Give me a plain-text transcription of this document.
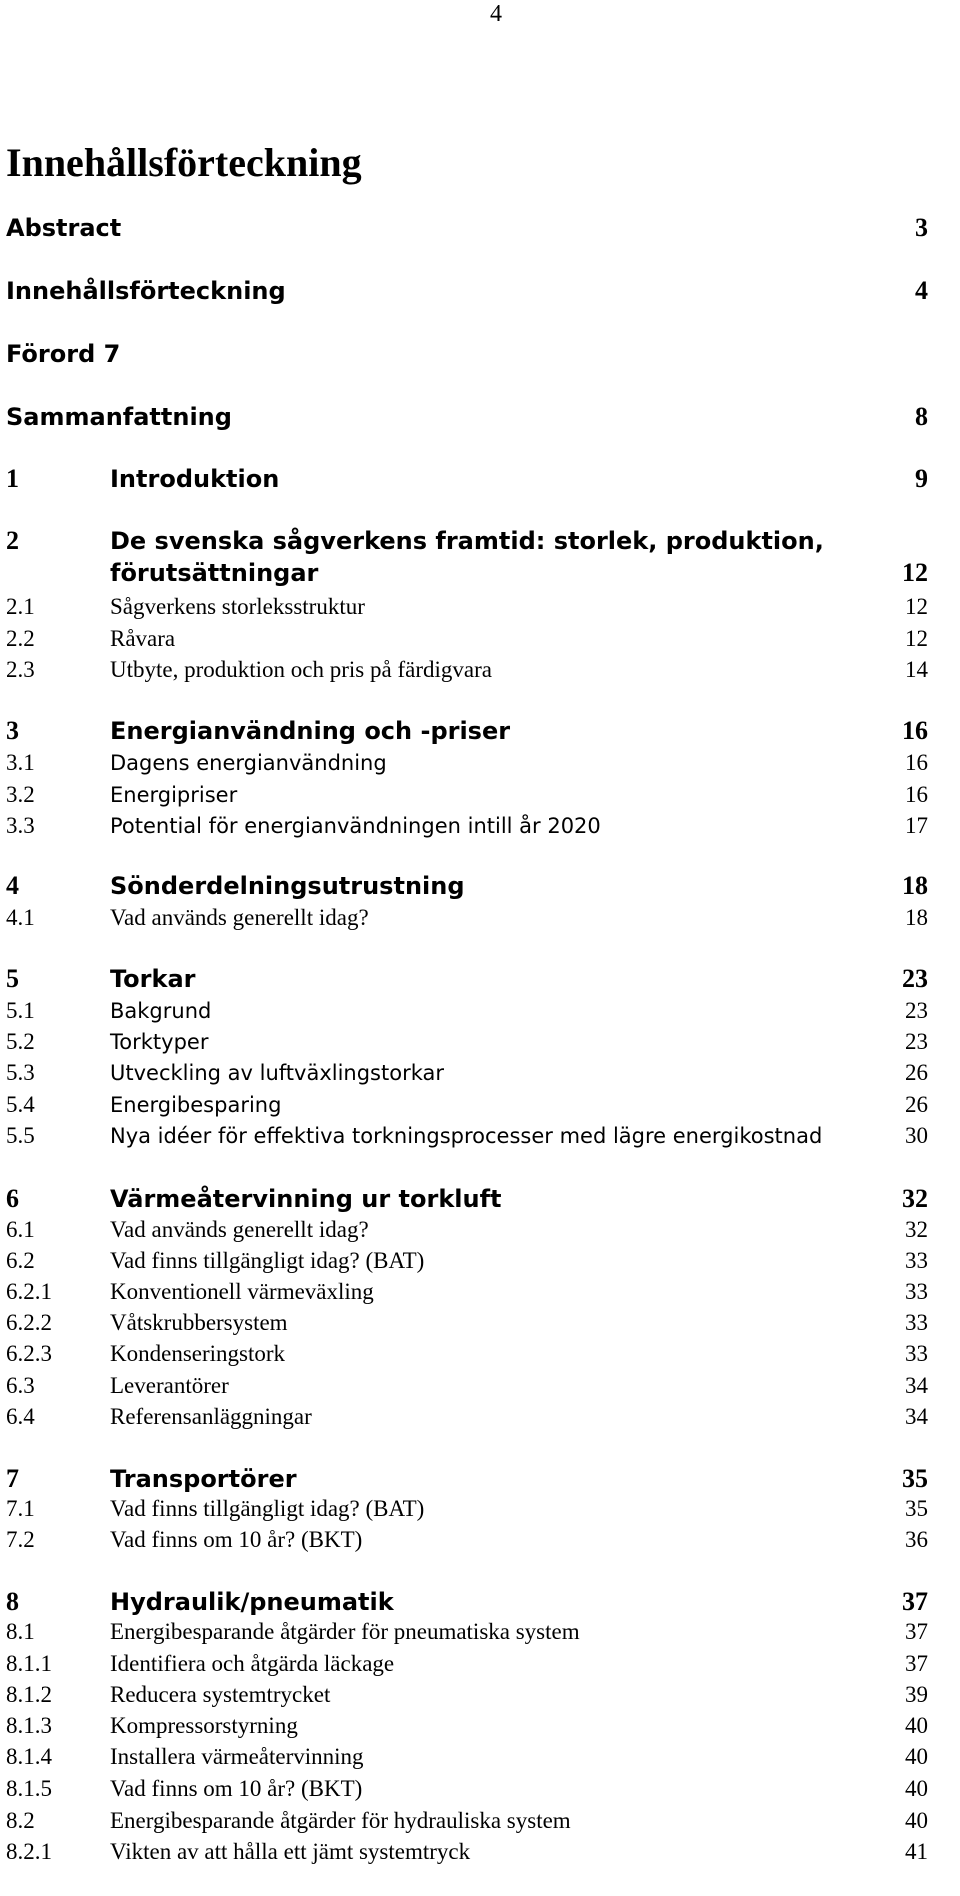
4
Innehållsförteckning
Abstract	3
Innehållsförteckning	4
Förord 7
Sammanfattning	8
1	Introduktion	9
2	De svenska sågverkens framtid: storlek, produktion,
förutsättningar	12
2.1	Sågverkens storleksstruktur	12
2.2	Råvara	12
2.3	Utbyte, produktion och pris på färdigvara	14
3	Energianvändning och -priser	16
3.1	Dagens energianvändning	16
3.2	Energipriser	16
3.3	Potential för energianvändningen intill år 2020	17
4	Sönderdelningsutrustning	18
4.1	Vad används generellt idag?	18
5	Torkar	23
5.1	Bakgrund	23
5.2	Torktyper	23
5.3	Utveckling av luftväxlingstorkar	26
5.4	Energibesparing	26
5.5	Nya idéer för effektiva torkningsprocesser med lägre energikostnad	30
6	Värmeåtervinning ur torkluft	32
6.1	Vad används generellt idag?	32
6.2	Vad finns tillgängligt idag? (BAT)	33
6.2.1	Konventionell värmeväxling	33
6.2.2	Våtskrubbersystem	33
6.2.3	Kondenseringstork	33
6.3	Leverantörer	34
6.4	Referensanläggningar	34
7	Transportörer	35
7.1	Vad finns tillgängligt idag? (BAT)	35
7.2	Vad finns om 10 år? (BKT)	36
8	Hydraulik/pneumatik	37
8.1	Energibesparande åtgärder för pneumatiska system	37
8.1.1	Identifiera och åtgärda läckage	37
8.1.2	Reducera systemtrycket	39
8.1.3	Kompressorstyrning	40
8.1.4	Installera värmeåtervinning	40
8.1.5	Vad finns om 10 år? (BKT)	40
8.2	Energibesparande åtgärder för hydrauliska system	40
8.2.1	Vikten av att hålla ett jämt systemtryck	41
